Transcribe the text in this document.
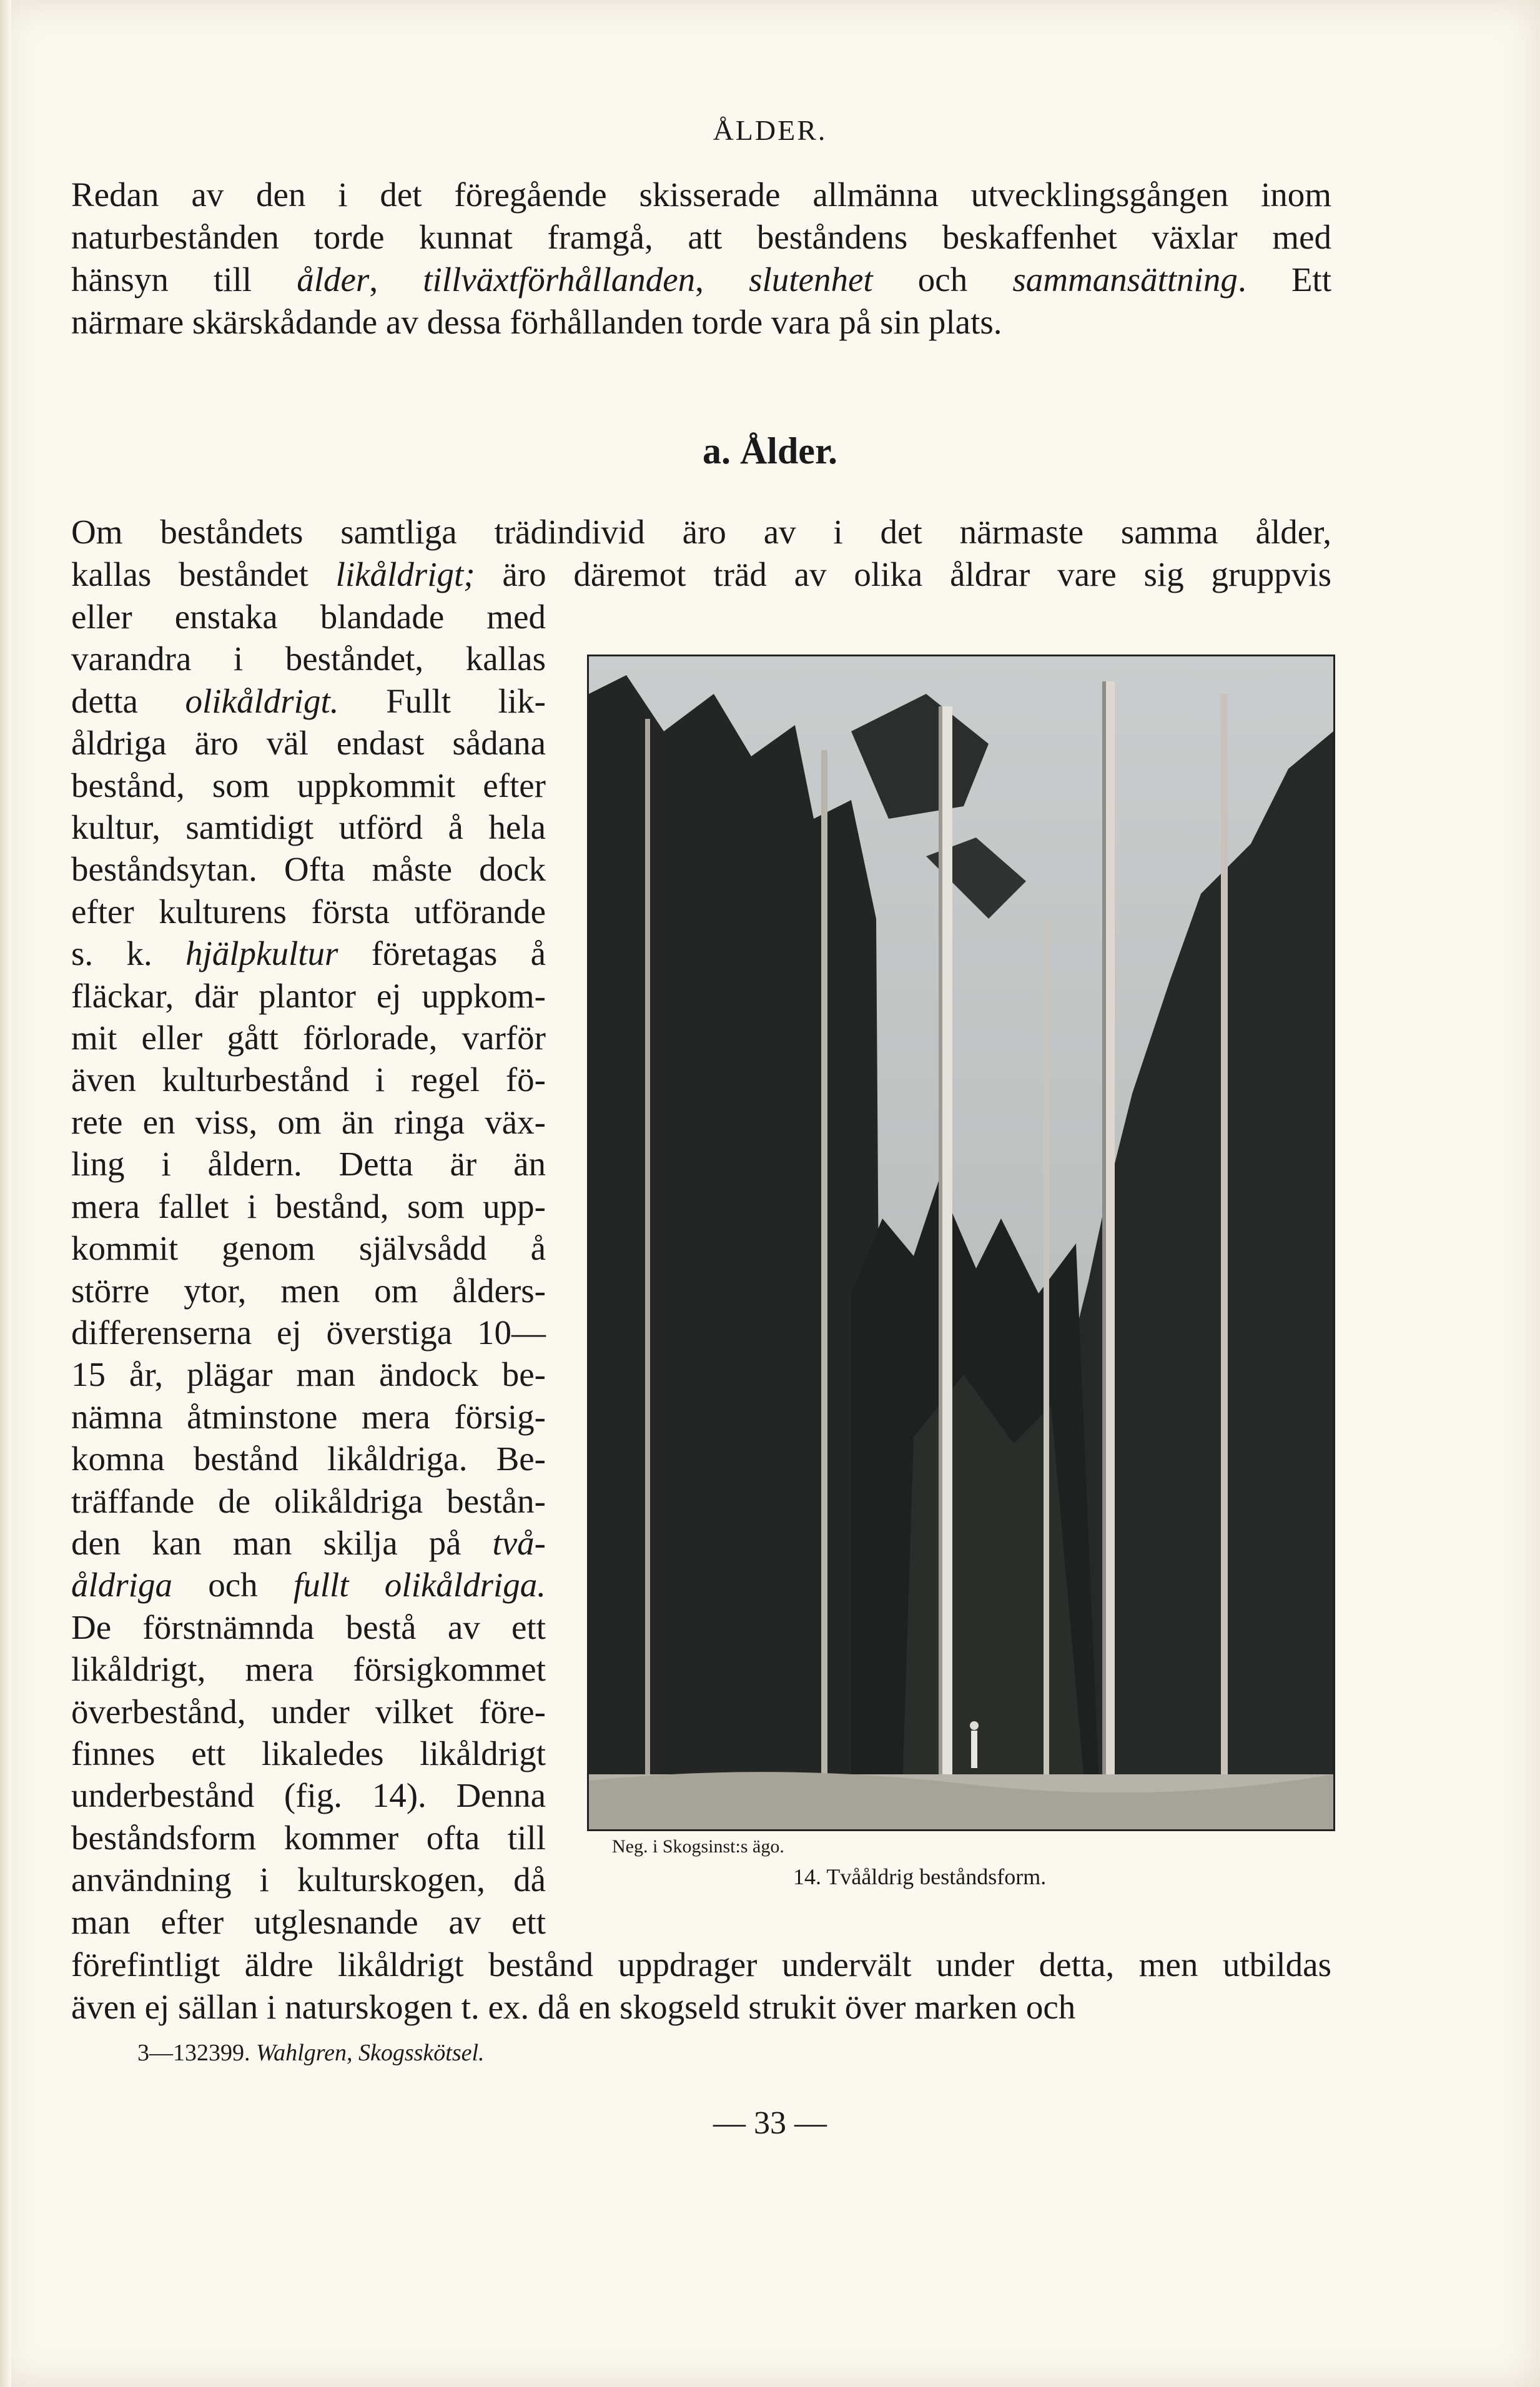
ÅLDER.
Redan av den i det föregående skisserade allmänna utvecklingsgången inom
naturbestånden torde kunnat framgå, att beståndens beskaffenhet växlar med
hänsyn till ålder, tillväxtförhållanden, slutenhet och sammansättning. Ett
närmare skärskådande av dessa förhållanden torde vara på sin plats.
a. Ålder.
Om beståndets samtliga trädindivid äro av i det närmaste samma ålder,
kallas beståndet likåldrigt; äro däremot träd av olika åldrar vare sig gruppvis
eller enstaka blandade med
varandra i beståndet, kallas
detta olikåldrigt. Fullt lik-
åldriga äro väl endast sådana
bestånd, som uppkommit efter
kultur, samtidigt utförd å hela
beståndsytan. Ofta måste dock
efter kulturens första utförande
s. k. hjälpkultur företagas å
fläckar, där plantor ej uppkom-
mit eller gått förlorade, varför
även kulturbestånd i regel fö-
rete en viss, om än ringa väx-
ling i åldern. Detta är än
mera fallet i bestånd, som upp-
kommit genom självsådd å
större ytor, men om ålders-
differenserna ej överstiga 10—
15 år, plägar man ändock be-
nämna åtminstone mera försig-
komna bestånd likåldriga. Be-
träffande de olikåldriga bestån-
den kan man skilja på två-
åldriga och fullt olikåldriga.
De förstnämnda bestå av ett
likåldrigt, mera försigkommet
överbestånd, under vilket före-
finnes ett likaledes likåldrigt
underbestånd (fig. 14). Denna
beståndsform kommer ofta till
användning i kulturskogen, då
man efter utglesnande av ett
Neg. i Skogsinst:s ägo.
14. Tvååldrig beståndsform.
förefintligt äldre likåldrigt bestånd uppdrager undervält under detta, men utbildas
även ej sällan i naturskogen t. ex. då en skogseld strukit över marken och
3—132399. Wahlgren, Skogsskötsel.
— 33 —
